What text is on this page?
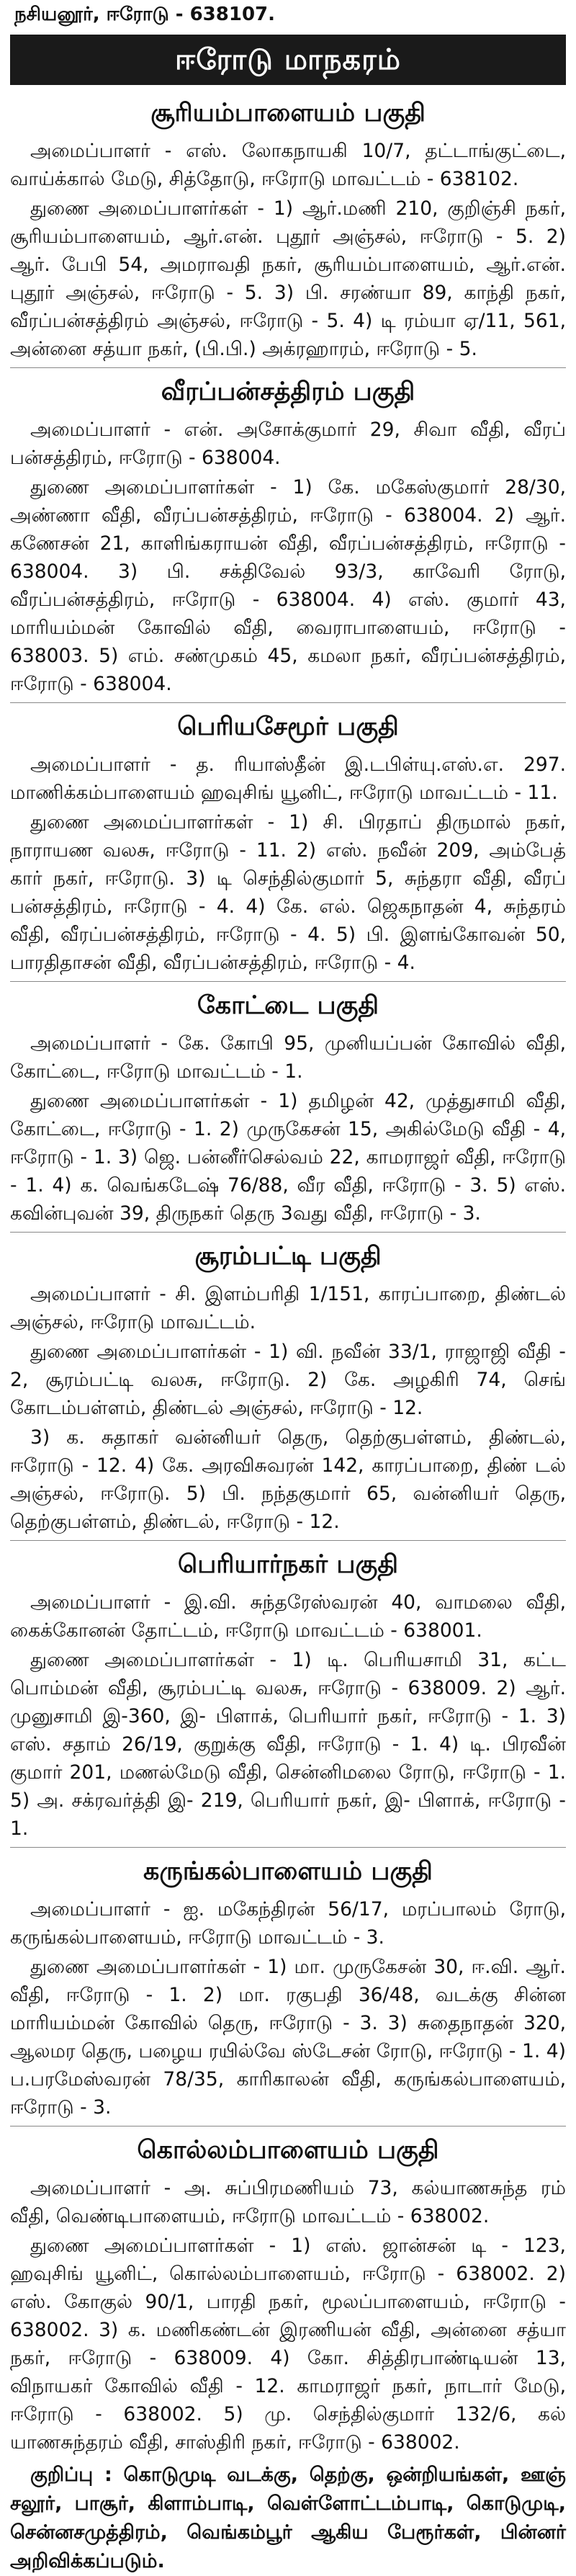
நசியனூர், ஈரோடு - 638107.

ஈரோடு மாநகரம்
சூரியம்பாளையம் பகுதி

அமைப்பாளர் - எஸ். லோகநாயகி 10/7, தட்டாங்குட்டை, வாய்க்கால் மேடு, சித்தோடு, ஈரோடு மாவட்டம் - 638102.

துணை அமைப்பாளர்கள் - 1) ஆர்.மணி 210, குறிஞ்சி நகர், சூரியம்பாளையம், ஆர்.என். புதூர் அஞ்சல், ஈரோடு - 5. 2) ஆர். பேபி 54, அமராவதி நகர், சூரியம்பாளையம், ஆர்.என். புதூர் அஞ்சல், ஈரோடு - 5. 3) பி. சரண்யா 89, காந்தி நகர், வீரப்பன்சத்திரம் அஞ்சல், ஈரோடு - 5. 4) டி ரம்யா ஏ/11, 561, அன்னை சத்யா நகர், (பி.பி.) அக்ரஹாரம், ஈரோடு - 5.

வீரப்பன்சத்திரம் பகுதி

அமைப்பாளர் - என். அசோக்குமார் 29, சிவா வீதி, வீரப் பன்சத்திரம், ஈரோடு - 638004.

துணை அமைப்பாளர்கள் - 1) கே. மகேஸ்குமார் 28/30, அண்ணா வீதி, வீரப்பன்சத்திரம், ஈரோடு - 638004. 2) ஆர். கணேசன் 21, காளிங்கராயன் வீதி, வீரப்பன்சத்திரம், ஈரோடு - 638004. 3) பி. சக்திவேல் 93/3, காவேரி ரோடு, வீரப்பன்சத்திரம், ஈரோடு - 638004. 4) எஸ். குமார் 43, மாரியம்மன் கோவில் வீதி, வைராபாளையம், ஈரோடு - 638003. 5) எம். சண்முகம் 45, கமலா நகர், வீரப்பன்சத்திரம், ஈரோடு - 638004.

பெரியசேமூர் பகுதி

அமைப்பாளர் - த. ரியாஸ்தீன் இ.டபிள்யு.எஸ்.எ. 297. மாணிக்கம்பாளையம் ஹவுசிங் யூனிட், ஈரோடு மாவட்டம் - 11.

துணை அமைப்பாளர்கள் - 1) சி. பிரதாப் திருமால் நகர், நாராயண வலசு, ஈரோடு - 11. 2) எஸ். நவீன் 209, அம்பேத் கார் நகர், ஈரோடு. 3) டி செந்தில்குமார் 5, சுந்தரா வீதி, வீரப் பன்சத்திரம், ஈரோடு - 4. 4) கே. எல். ஜெகநாதன் 4, சுந்தரம் வீதி, வீரப்பன்சத்திரம், ஈரோடு - 4. 5) பி. இளங்கோவன் 50, பாரதிதாசன் வீதி, வீரப்பன்சத்திரம், ஈரோடு - 4.

கோட்டை பகுதி

அமைப்பாளர் - கே. கோபி 95, முனியப்பன் கோவில் வீதி, கோட்டை, ஈரோடு மாவட்டம் - 1.

துணை அமைப்பாளர்கள் - 1) தமிழன் 42, முத்துசாமி வீதி, கோட்டை, ஈரோடு - 1. 2) முருகேசன் 15, அகில்மேடு வீதி - 4, ஈரோடு - 1. 3) ஜெ. பன்னீர்செல்வம் 22, காமராஜர் வீதி, ஈரோடு - 1. 4) க. வெங்கடேஷ் 76/88, வீர வீதி, ஈரோடு - 3. 5) எஸ். கவின்புவன் 39, திருநகர் தெரு 3வது வீதி, ஈரோடு - 3.

சூரம்பட்டி பகுதி

அமைப்பாளர் - சி. இளம்பரிதி 1/151, காரப்பாறை, திண்டல் அஞ்சல், ஈரோடு மாவட்டம்.

துணை அமைப்பாளர்கள் - 1) வி. நவீன் 33/1, ராஜாஜி வீதி - 2, சூரம்பட்டி வலசு, ஈரோடு. 2) கே. அழகிரி 74, செங் கோடம்பள்ளம், திண்டல் அஞ்சல், ஈரோடு - 12.

3) க. சுதாகர் வன்னியர் தெரு, தெற்குபள்ளம், திண்டல், ஈரோடு - 12. 4) கே. அரவிசுவரன் 142, காரப்பாறை, திண் டல் அஞ்சல், ஈரோடு. 5) பி. நந்தகுமார் 65, வன்னியர் தெரு, தெற்குபள்ளம், திண்டல், ஈரோடு - 12.

பெரியார்நகர் பகுதி

அமைப்பாளர் - இ.வி. சுந்தரேஸ்வரன் 40, வாமலை வீதி, கைக்கோனன் தோட்டம், ஈரோடு மாவட்டம் - 638001.

துணை அமைப்பாளர்கள் - 1) டி. பெரியசாமி 31, கட்ட பொம்மன் வீதி, சூரம்பட்டி வலசு, ஈரோடு - 638009. 2) ஆர். முனுசாமி இ-360, இ- பிளாக், பெரியார் நகர், ஈரோடு - 1. 3) எஸ். சதாம் 26/19, குறுக்கு வீதி, ஈரோடு - 1. 4) டி. பிரவீன் குமார் 201, மணல்மேடு வீதி, சென்னிமலை ரோடு, ஈரோடு - 1. 5) அ. சக்ரவர்த்தி இ- 219, பெரியார் நகர், இ- பிளாக், ஈரோடு - 1.

கருங்கல்பாளையம் பகுதி

அமைப்பாளர் - ஐ. மகேந்திரன் 56/17, மரப்பாலம் ரோடு, கருங்கல்பாளையம், ஈரோடு மாவட்டம் - 3.

துணை அமைப்பாளர்கள் - 1) மா. முருகேசன் 30, ஈ.வி. ஆர். வீதி, ஈரோடு - 1. 2) மா. ரகுபதி 36/48, வடக்கு சின்ன மாரியம்மன் கோவில் தெரு, ஈரோடு - 3. 3) சுதைநாதன் 320, ஆலமர தெரு, பழைய ரயில்வே ஸ்டேசன் ரோடு, ஈரோடு - 1. 4) ப.பரமேஸ்வரன் 78/35, காரிகாலன் வீதி, கருங்கல்பாளையம், ஈரோடு - 3.

கொல்லம்பாளையம் பகுதி

அமைப்பாளர் - அ. சுப்பிரமணியம் 73, கல்யாணசுந்த ரம் வீதி, வெண்டிபாளையம், ஈரோடு மாவட்டம் - 638002.

துணை அமைப்பாளர்கள் - 1) எஸ். ஜான்சன் டி - 123, ஹவுசிங் யூனிட், கொல்லம்பாளையம், ஈரோடு - 638002. 2) எஸ். கோகுல் 90/1, பாரதி நகர், மூலப்பாளையம், ஈரோடு - 638002. 3) க. மணிகண்டன் இரணியன் வீதி, அன்னை சத்யா நகர், ஈரோடு - 638009. 4) கோ. சித்திரபாண்டியன் 13, விநாயகர் கோவில் வீதி - 12. காமராஜர் நகர், நாடார் மேடு, ஈரோடு - 638002. 5) மு. செந்தில்குமார் 132/6, கல் யாணசுந்தரம் வீதி, சாஸ்திரி நகர், ஈரோடு - 638002.

குறிப்பு : கொடுமுடி வடக்கு, தெற்கு, ஒன்றியங்கள், ஊஞ் சலூர், பாசூர், கிளாம்பாடி, வெள்ளோட்டம்பாடி, கொடுமுடி, சென்னசமுத்திரம், வெங்கம்பூர் ஆகிய பேரூர்கள், பின்னர் அறிவிக்கப்படும்.
